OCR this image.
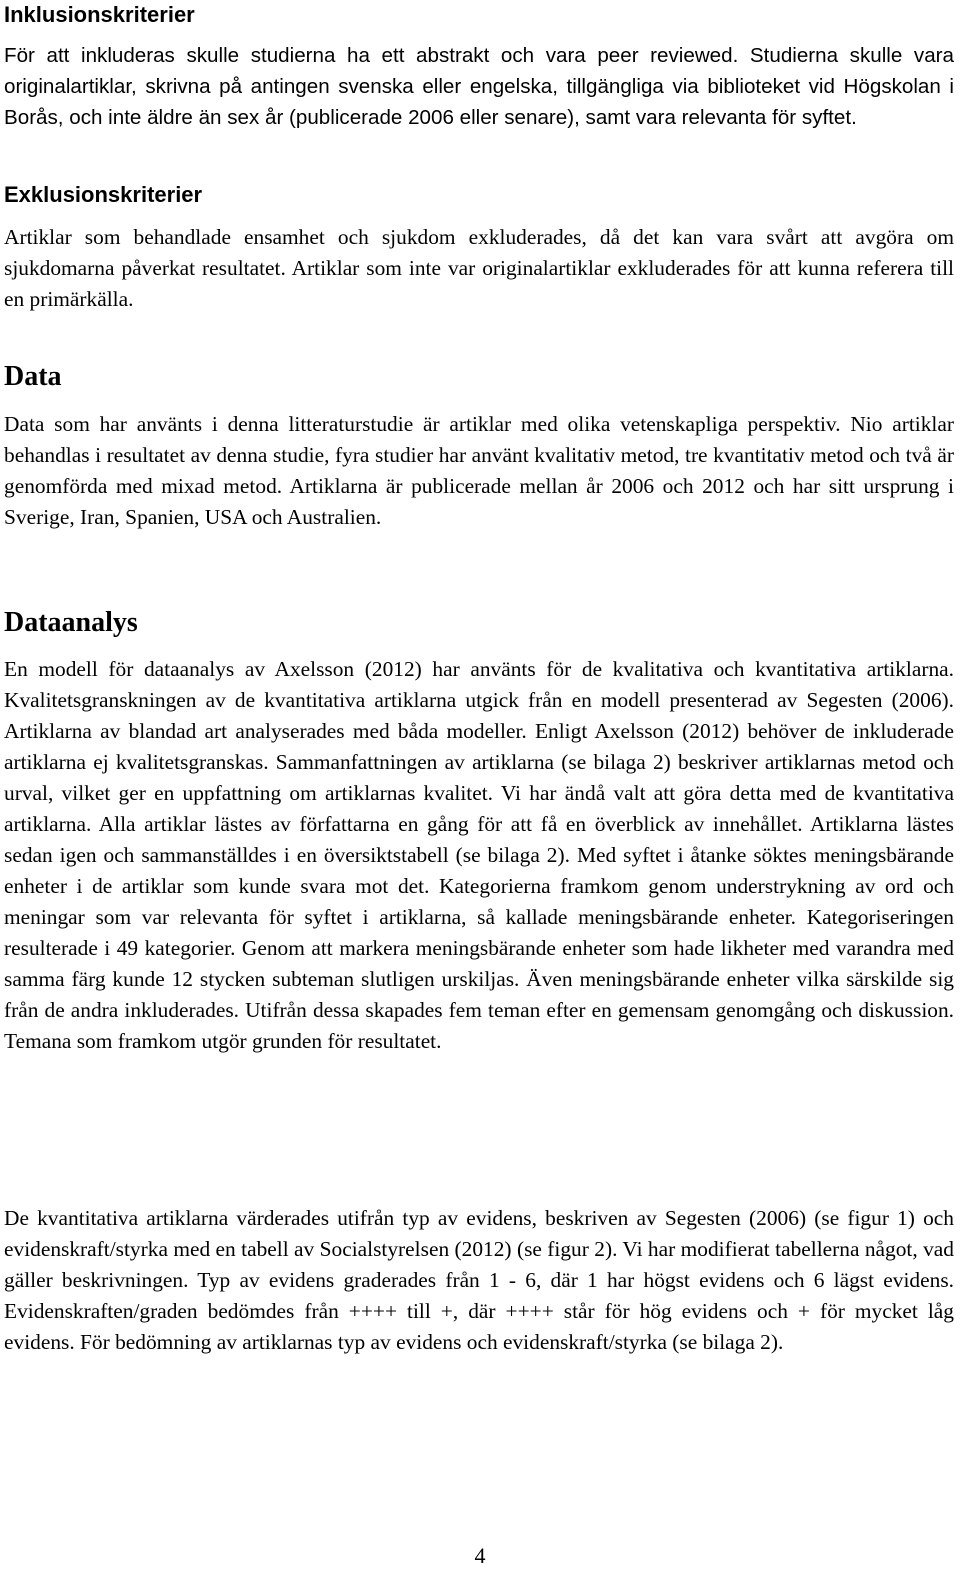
Inklusionskriterier

För att inkluderas skulle studierna ha ett abstrakt och vara peer reviewed. Studierna skulle vara originalartiklar, skrivna på antingen svenska eller engelska, tillgängliga via biblioteket vid Högskolan i Borås, och inte äldre än sex år (publicerade 2006 eller senare), samt vara relevanta för syftet.

Exklusionskriterier

Artiklar som behandlade ensamhet och sjukdom exkluderades, då det kan vara svårt att avgöra om sjukdomarna påverkat resultatet. Artiklar som inte var originalartiklar exkluderades för att kunna referera till en primärkälla.

Data

Data som har använts i denna litteraturstudie är artiklar med olika vetenskapliga perspektiv. Nio artiklar behandlas i resultatet av denna studie, fyra studier har använt kvalitativ metod, tre kvantitativ metod och två är genomförda med mixad metod. Artiklarna är publicerade mellan år 2006 och 2012 och har sitt ursprung i Sverige, Iran, Spanien, USA och Australien.

Dataanalys

En modell för dataanalys av Axelsson (2012) har använts för de kvalitativa och kvantitativa artiklarna. Kvalitetsgranskningen av de kvantitativa artiklarna utgick från en modell presenterad av Segesten (2006). Artiklarna av blandad art analyserades med båda modeller. Enligt Axelsson (2012) behöver de inkluderade artiklarna ej kvalitetsgranskas. Sammanfattningen av artiklarna (se bilaga 2) beskriver artiklarnas metod och urval, vilket ger en uppfattning om artiklarnas kvalitet. Vi har ändå valt att göra detta med de kvantitativa artiklarna. Alla artiklar lästes av författarna en gång för att få en överblick av innehållet. Artiklarna lästes sedan igen och sammanställdes i en översiktstabell (se bilaga 2). Med syftet i åtanke söktes meningsbärande enheter i de artiklar som kunde svara mot det. Kategorierna framkom genom understrykning av ord och meningar som var relevanta för syftet i artiklarna, så kallade meningsbärande enheter. Kategoriseringen resulterade i 49 kategorier. Genom att markera meningsbärande enheter som hade likheter med varandra med samma färg kunde 12 stycken subteman slutligen urskiljas. Även meningsbärande enheter vilka särskilde sig från de andra inkluderades. Utifrån dessa skapades fem teman efter en gemensam genomgång och diskussion. Temana som framkom utgör grunden för resultatet.

De kvantitativa artiklarna värderades utifrån typ av evidens, beskriven av Segesten (2006) (se figur 1) och evidenskraft/styrka med en tabell av Socialstyrelsen (2012) (se figur 2). Vi har modifierat tabellerna något, vad gäller beskrivningen. Typ av evidens graderades från 1 - 6, där 1 har högst evidens och 6 lägst evidens. Evidenskraften/graden bedömdes från ++++ till +, där ++++ står för hög evidens och + för mycket låg evidens. För bedömning av artiklarnas typ av evidens och evidenskraft/styrka (se bilaga 2).

4
